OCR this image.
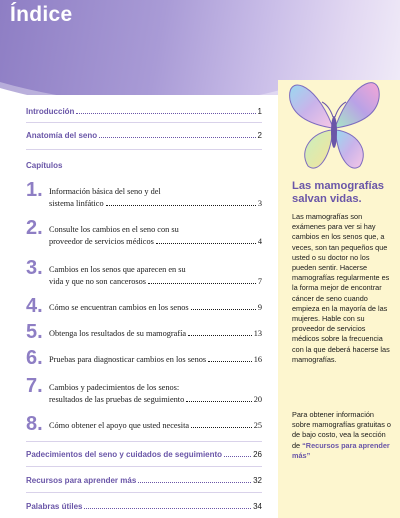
Índice
Las mamografías salvan vidas.

Las mamografías son exámenes para ver si hay cambios en los senos que, a veces, son tan pequeños que usted o su doctor no los pueden sentir. Hacerse mamografías regularmente es la forma mejor de encontrar cáncer de seno cuando empieza en la mayoría de las mujeres. Hable con su proveedor de servicios médicos sobre la frecuencia con la que deberá hacerse las mamografías.

Para obtener información sobre mamografías gratuitas o de bajo costo, vea la sección de “Recursos para aprender más”

Introducción	1
Anatomía del seno	2
Capítulos
1. Información básica del seno y del
sistema linfático	3
2. Consulte los cambios en el seno con su
proveedor de servicios médicos	4
3. Cambios en los senos que aparecen en su
vida y que no son cancerosos	7
4. Cómo se encuentran cambios en los senos	9
5. Obtenga los resultados de su mamografía	13
6. Pruebas para diagnosticar cambios en los senos	16
7. Cambios y padecimientos de los senos:
resultados de las pruebas de seguimiento	20
8. Cómo obtener el apoyo que usted necesita	25
Padecimientos del seno y cuidados de seguimiento	26
Recursos para aprender más	32
Palabras útiles	34
